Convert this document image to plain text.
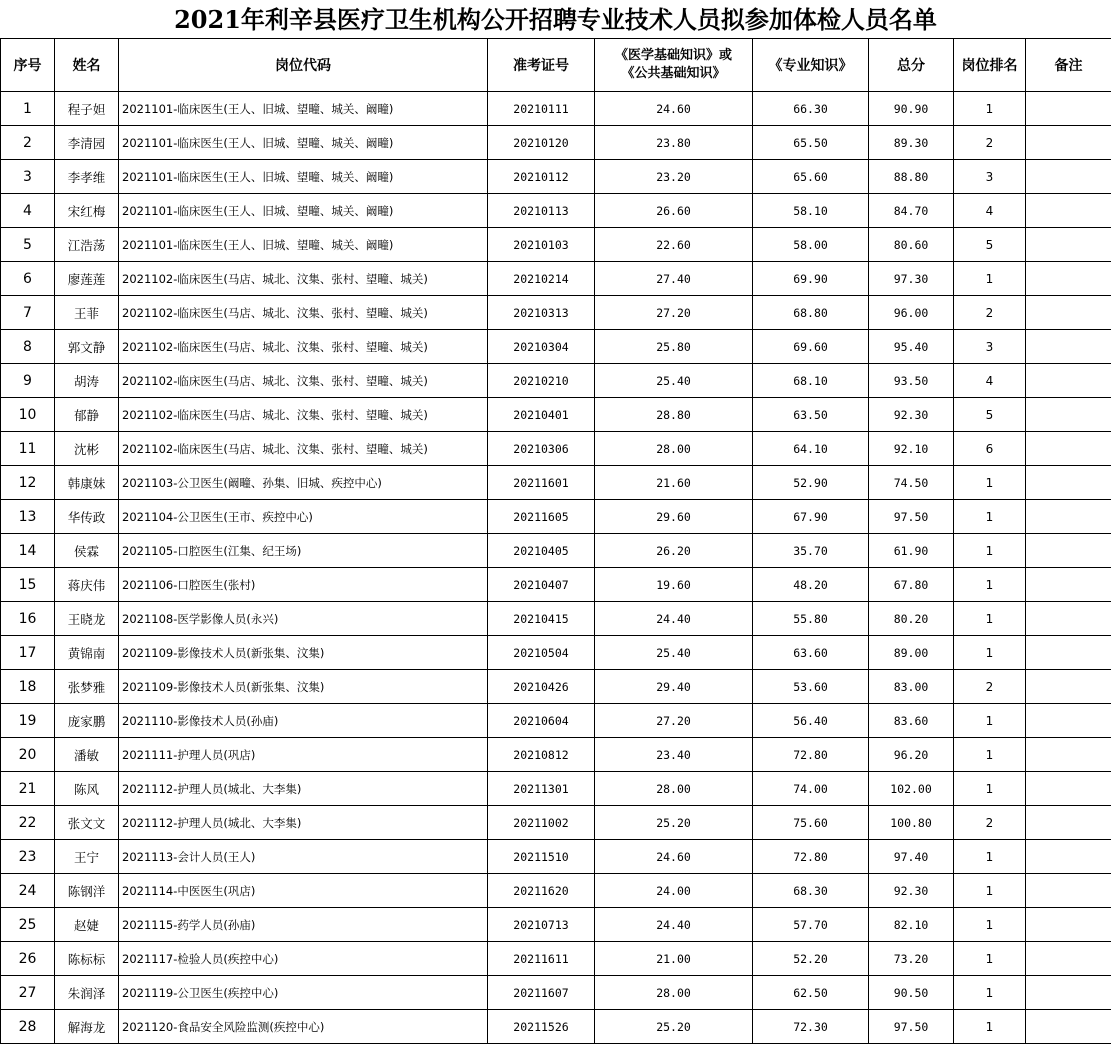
2021年利辛县医疗卫生机构公开招聘专业技术人员拟参加体检人员名单
序号	姓名	岗位代码	准考证号	《医学基础知识》或
《公共基础知识》	《专业知识》	总分	岗位排名	备注
1	程子妲	2021101-临床医生(王人、旧城、望疃、城关、阚疃)	20210111	24.60	66.30	90.90	1	
2	李清园	2021101-临床医生(王人、旧城、望疃、城关、阚疃)	20210120	23.80	65.50	89.30	2	
3	李孝维	2021101-临床医生(王人、旧城、望疃、城关、阚疃)	20210112	23.20	65.60	88.80	3	
4	宋红梅	2021101-临床医生(王人、旧城、望疃、城关、阚疃)	20210113	26.60	58.10	84.70	4	
5	江浩荡	2021101-临床医生(王人、旧城、望疃、城关、阚疃)	20210103	22.60	58.00	80.60	5	
6	廖莲莲	2021102-临床医生(马店、城北、汶集、张村、望疃、城关)	20210214	27.40	69.90	97.30	1	
7	王菲	2021102-临床医生(马店、城北、汶集、张村、望疃、城关)	20210313	27.20	68.80	96.00	2	
8	郭文静	2021102-临床医生(马店、城北、汶集、张村、望疃、城关)	20210304	25.80	69.60	95.40	3	
9	胡涛	2021102-临床医生(马店、城北、汶集、张村、望疃、城关)	20210210	25.40	68.10	93.50	4	
10	郁静	2021102-临床医生(马店、城北、汶集、张村、望疃、城关)	20210401	28.80	63.50	92.30	5	
11	沈彬	2021102-临床医生(马店、城北、汶集、张村、望疃、城关)	20210306	28.00	64.10	92.10	6	
12	韩康妹	2021103-公卫医生(阚疃、孙集、旧城、疾控中心)	20211601	21.60	52.90	74.50	1	
13	华传政	2021104-公卫医生(王市、疾控中心)	20211605	29.60	67.90	97.50	1	
14	侯霖	2021105-口腔医生(江集、纪王场)	20210405	26.20	35.70	61.90	1	
15	蒋庆伟	2021106-口腔医生(张村)	20210407	19.60	48.20	67.80	1	
16	王晓龙	2021108-医学影像人员(永兴)	20210415	24.40	55.80	80.20	1	
17	黄锦南	2021109-影像技术人员(新张集、汶集)	20210504	25.40	63.60	89.00	1	
18	张梦雅	2021109-影像技术人员(新张集、汶集)	20210426	29.40	53.60	83.00	2	
19	庞家鹏	2021110-影像技术人员(孙庙)	20210604	27.20	56.40	83.60	1	
20	潘敏	2021111-护理人员(巩店)	20210812	23.40	72.80	96.20	1	
21	陈风	2021112-护理人员(城北、大李集)	20211301	28.00	74.00	102.00	1	
22	张文文	2021112-护理人员(城北、大李集)	20211002	25.20	75.60	100.80	2	
23	王宁	2021113-会计人员(王人)	20211510	24.60	72.80	97.40	1	
24	陈钢洋	2021114-中医医生(巩店)	20211620	24.00	68.30	92.30	1	
25	赵婕	2021115-药学人员(孙庙)	20210713	24.40	57.70	82.10	1	
26	陈标标	2021117-检验人员(疾控中心)	20211611	21.00	52.20	73.20	1	
27	朱润泽	2021119-公卫医生(疾控中心)	20211607	28.00	62.50	90.50	1	
28	解海龙	2021120-食品安全风险监测(疾控中心)	20211526	25.20	72.30	97.50	1	
